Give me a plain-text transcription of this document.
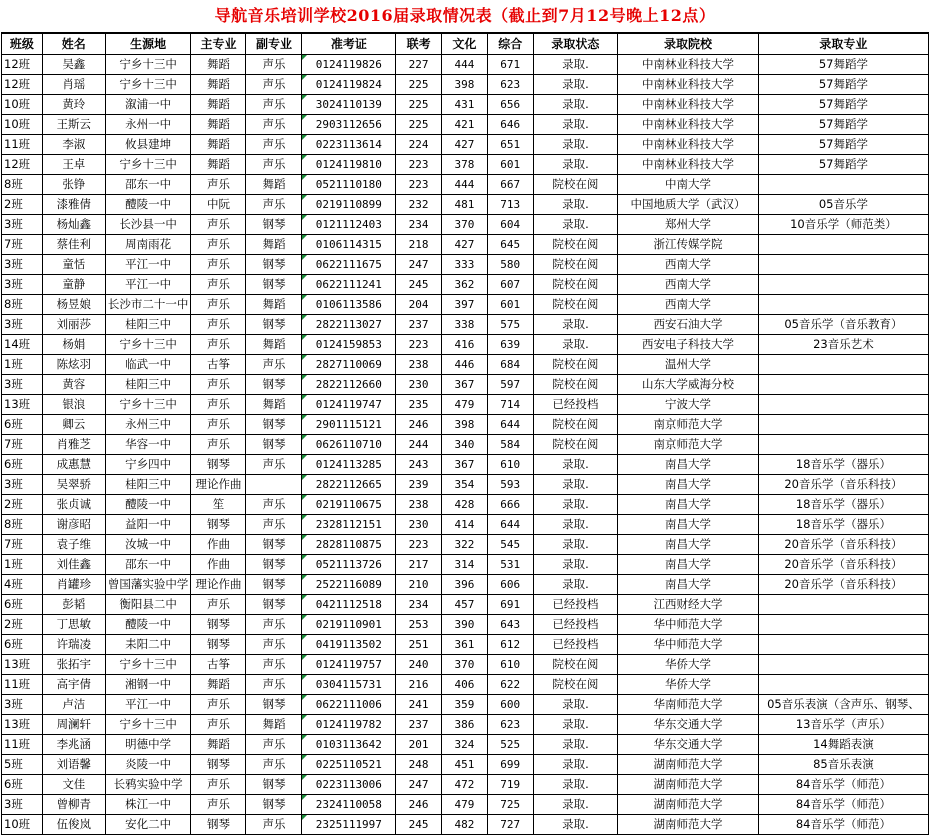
导航音乐培训学校2016届录取情况表（截止到7月12号晚上12点）
班级	姓名	生源地	主专业	副专业	准考证	联考	文化	综合	录取状态	录取院校	录取专业
12班	吴鑫	宁乡十三中	舞蹈	声乐	0124119826	227	444	671	录取.	中南林业科技大学	57舞蹈学
12班	肖瑶	宁乡十三中	舞蹈	声乐	0124119824	225	398	623	录取.	中南林业科技大学	57舞蹈学
10班	黄玲	溆浦一中	舞蹈	声乐	3024110139	225	431	656	录取.	中南林业科技大学	57舞蹈学
10班	王斯云	永州一中	舞蹈	声乐	2903112656	225	421	646	录取.	中南林业科技大学	57舞蹈学
11班	李淑	攸县建坤	舞蹈	声乐	0223113614	224	427	651	录取.	中南林业科技大学	57舞蹈学
12班	王卓	宁乡十三中	舞蹈	声乐	0124119810	223	378	601	录取.	中南林业科技大学	57舞蹈学
8班	张铮	邵东一中	声乐	舞蹈	0521110180	223	444	667	院校在阅	中南大学	
2班	漆雅倩	醴陵一中	中阮	声乐	0219110899	232	481	713	录取.	中国地质大学（武汉）	05音乐学
3班	杨灿鑫	长沙县一中	声乐	钢琴	0121112403	234	370	604	录取.	郑州大学	10音乐学（师范类）
7班	蔡佳利	周南雨花	声乐	舞蹈	0106114315	218	427	645	院校在阅	浙江传媒学院	
3班	童恬	平江一中	声乐	钢琴	0622111675	247	333	580	院校在阅	西南大学	
3班	童静	平江一中	声乐	钢琴	0622111241	245	362	607	院校在阅	西南大学	
8班	杨昱娘	长沙市二十一中	声乐	舞蹈	0106113586	204	397	601	院校在阅	西南大学	
3班	刘丽莎	桂阳三中	声乐	钢琴	2822113027	237	338	575	录取.	西安石油大学	05音乐学（音乐教育）
14班	杨娟	宁乡十三中	声乐	舞蹈	0124159853	223	416	639	录取.	西安电子科技大学	23音乐艺术
1班	陈炫羽	临武一中	古筝	声乐	2827110069	238	446	684	院校在阅	温州大学	
3班	黄容	桂阳三中	声乐	钢琴	2822112660	230	367	597	院校在阅	山东大学威海分校	
13班	银浪	宁乡十三中	声乐	舞蹈	0124119747	235	479	714	已经投档	宁波大学	
6班	卿云	永州三中	声乐	钢琴	2901115121	246	398	644	院校在阅	南京师范大学	
7班	肖雅芝	华容一中	声乐	钢琴	0626110710	244	340	584	院校在阅	南京师范大学	
6班	成惠慧	宁乡四中	钢琴	声乐	0124113285	243	367	610	录取.	南昌大学	18音乐学（器乐）
3班	吴翠骄	桂阳三中	理论作曲		2822112665	239	354	593	录取.	南昌大学	20音乐学（音乐科技）
2班	张贞诚	醴陵一中	笙	声乐	0219110675	238	428	666	录取.	南昌大学	18音乐学（器乐）
8班	谢彦昭	益阳一中	钢琴	声乐	2328112151	230	414	644	录取.	南昌大学	18音乐学（器乐）
7班	袁子维	汝城一中	作曲	钢琴	2828110875	223	322	545	录取.	南昌大学	20音乐学（音乐科技）
1班	刘佳鑫	邵东一中	作曲	钢琴	0521113726	217	314	531	录取.	南昌大学	20音乐学（音乐科技）
4班	肖罐珍	曾国藩实验中学	理论作曲	钢琴	2522116089	210	396	606	录取.	南昌大学	20音乐学（音乐科技）
6班	彭韬	衡阳县二中	声乐	钢琴	0421112518	234	457	691	已经投档	江西财经大学	
2班	丁思敏	醴陵一中	钢琴	声乐	0219110901	253	390	643	已经投档	华中师范大学	
6班	许瑞凌	耒阳二中	钢琴	声乐	0419113502	251	361	612	已经投档	华中师范大学	
13班	张拓宇	宁乡十三中	古筝	声乐	0124119757	240	370	610	院校在阅	华侨大学	
11班	高宇倩	湘钢一中	舞蹈	声乐	0304115731	216	406	622	院校在阅	华侨大学	
3班	卢洁	平江一中	声乐	钢琴	0622111006	241	359	600	录取.	华南师范大学	05音乐表演（含声乐、钢琴、
13班	周澜轩	宁乡十三中	声乐	舞蹈	0124119782	237	386	623	录取.	华东交通大学	13音乐学（声乐）
11班	李兆涵	明德中学	舞蹈	声乐	0103113642	201	324	525	录取.	华东交通大学	14舞蹈表演
5班	刘语馨	炎陵一中	钢琴	声乐	0225110521	248	451	699	录取.	湖南师范大学	85音乐表演
6班	文佳	长鸦实验中学	声乐	钢琴	0223113006	247	472	719	录取.	湖南师范大学	84音乐学（师范）
3班	曾柳青	株江一中	声乐	钢琴	2324110058	246	479	725	录取.	湖南师范大学	84音乐学（师范）
10班	伍俊岚	安化二中	钢琴	声乐	2325111997	245	482	727	录取.	湖南师范大学	84音乐学（师范）
